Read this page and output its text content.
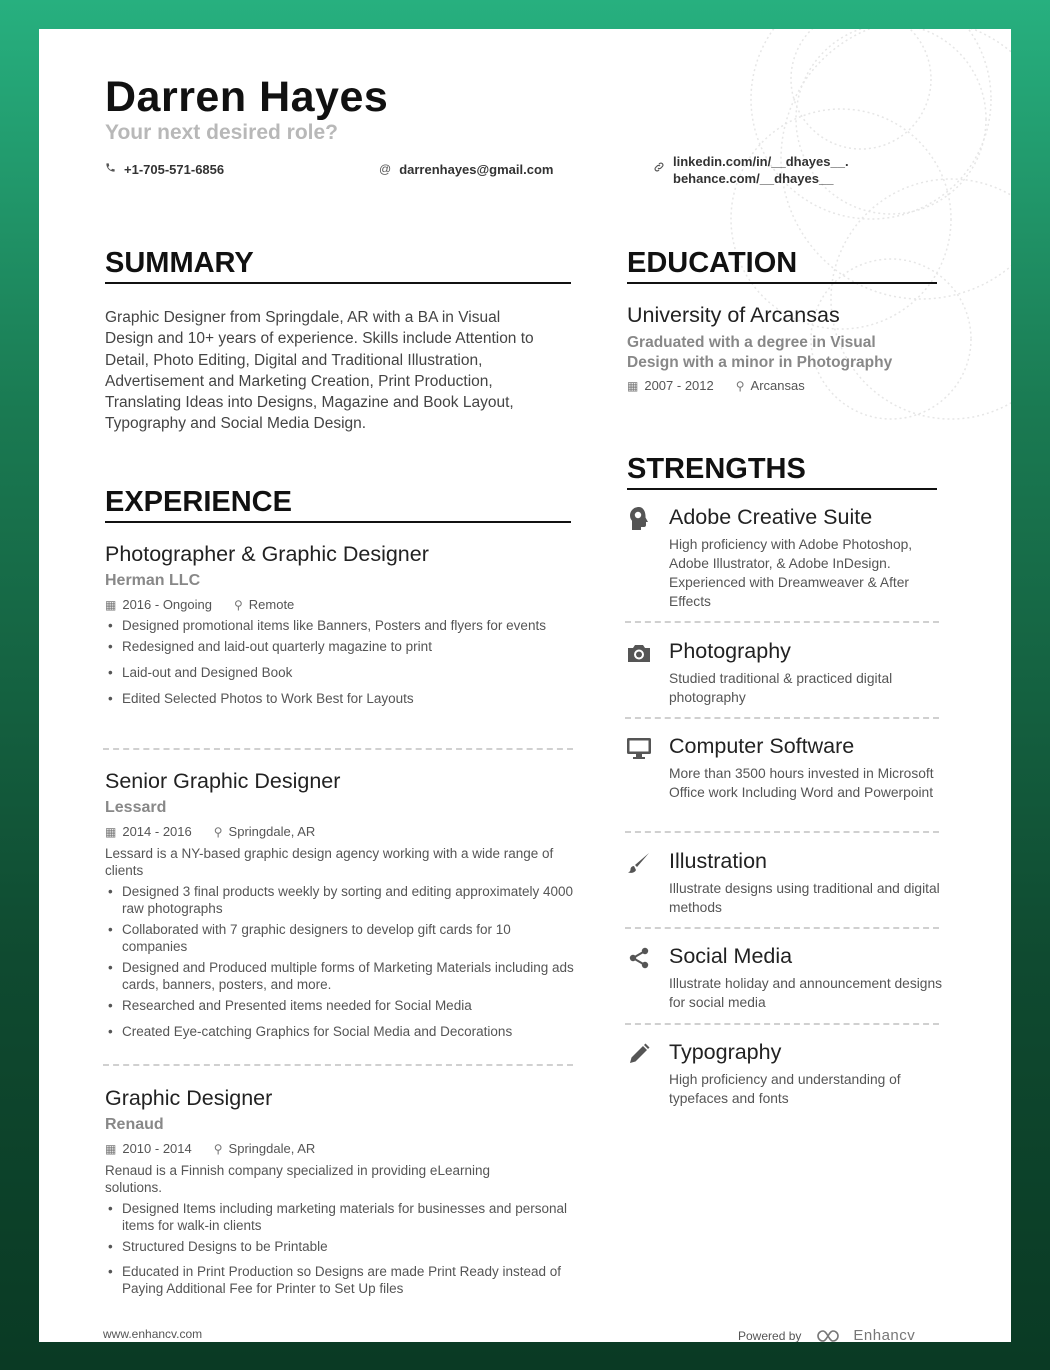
Darren Hayes
Your next desired role?
+1-705-571-6856	@ darrenhayes@gmail.com
linkedin.com/in/__dhayes__.
behance.com/__dhayes__
SUMMARY
Graphic Designer from Springdale, AR with a BA in Visual
Design and 10+ years of experience. Skills include Attention to
Detail, Photo Editing, Digital and Traditional Illustration,
Advertisement and Marketing Creation, Print Production,
Translating Ideas into Designs, Magazine and Book Layout,
Typography and Social Media Design.
EXPERIENCE
Photographer & Graphic Designer
Herman LLC
▦ 2016 - Ongoing ⚲ Remote
• Designed promotional items like Banners, Posters and flyers for events
• Redesigned and laid-out quarterly magazine to print
• Laid-out and Designed Book
• Edited Selected Photos to Work Best for Layouts
Senior Graphic Designer
Lessard
▦ 2014 - 2016 ⚲ Springdale, AR
Lessard is a NY-based graphic design agency working with a wide range of clients
• Designed 3 final products weekly by sorting and editing approximately 4000 raw photographs
• Collaborated with 7 graphic designers to develop gift cards for 10 companies
• Designed and Produced multiple forms of Marketing Materials including ads cards, banners, posters, and more.
• Researched and Presented items needed for Social Media
• Created Eye-catching Graphics for Social Media and Decorations
Graphic Designer
Renaud
▦ 2010 - 2014 ⚲ Springdale, AR
Renaud is a Finnish company specialized in providing eLearning solutions.
• Designed Items including marketing materials for businesses and personal items for walk-in clients
• Structured Designs to be Printable
• Educated in Print Production so Designs are made Print Ready instead of Paying Additional Fee for Printer to Set Up files
EDUCATION
University of Arcansas
Graduated with a degree in Visual
Design with a minor in Photography
▦ 2007 - 2012 ⚲ Arcansas
STRENGTHS
Adobe Creative Suite
High proficiency with Adobe Photoshop, Adobe Illustrator, & Adobe InDesign. Experienced with Dreamweaver & After Effects
Photography
Studied traditional & practiced digital photography
Computer Software
More than 3500 hours invested in Microsoft Office work Including Word and Powerpoint
Illustration
Illustrate designs using traditional and digital methods
Social Media
Illustrate holiday and announcement designs for social media
Typography
High proficiency and understanding of typefaces and fonts
www.enhancv.com	Powered by	Enhancv
